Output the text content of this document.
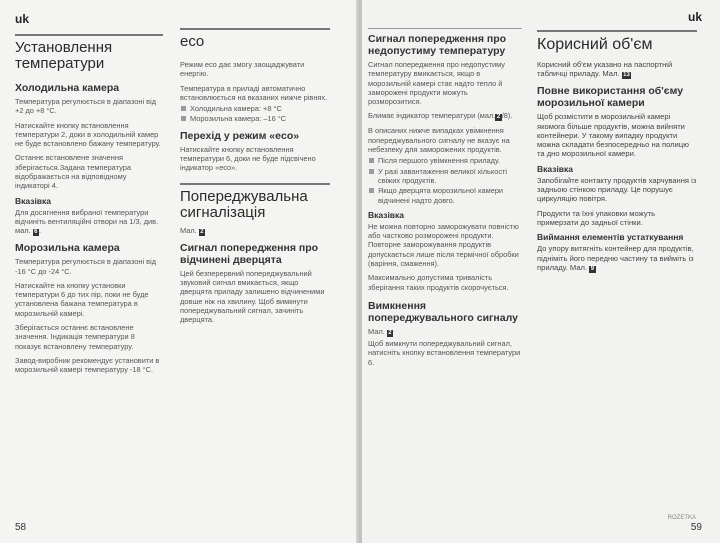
uk
Установлення температури
Холодильна камера

Температура регулюється в діапазоні від +2 до +8 °С.

Натискайте кнопку встановлення температури 2, доки в холодильній камер не буде встановлено бажану температуру.

Останнє встановлене значення зберігається.Задана температура відображається на відповідному індикаторі 4.

Вказівка

Для досягнення вибраної температури відчиніть вентиляційні отвори на 1/3, див. мал. 6 .

Морозильна камера

Температура регулюється в діапазоні від -16 °С до -24 °С.

Натискайте на кнопку установки температури 6 до тих пір, поки не буде установлена бажана температура в морозильній камері.

Зберігається останнє встановлене значення. Індикація температури 8 показує встановлену температуру.

Завод-виробник рекомендує установити в морозильній камері температуру -18 °С.

eco

Режим eco дає змогу заощаджувати енергію.

Температура в приладі автоматично встановлюється на вказаних нижче рівнях.

Холодильна камера: +8 °C
Морозильна камера: –16 °C
Перехід у режим «eco»

Натискайте кнопку встановлення температури 6, доки не буде підсвічено індикатор «eco».

Попереджувальна сигналізація

Мал. 2

Сигнал попередження про відчинені дверцята

Цей безперервний попереджувальний звуковий сигнал вмикається, якщо дверцята приладу залишено відчиненими довше ніж на хвилину. Щоб вимкнути попереджувальний сигнал, зачиніть дверцята.

58
uk
Сигнал попередження про недопустиму температуру

Сигнал попередження про недопустиму температуру вмикається, якщо в морозильній камері стає надто тепло й заморожені продукти можуть розморозитися.

Блимає індикатор температури (мал. 2 /8).

В описаних нижче випадках увімкнення попереджувального сигналу не вказує на небезпеку для заморожених продуктів.

Після першого увімкнення приладу.
У разі завантаження великої кількості свіжих продуктів.
Якщо дверцята морозильної камери відчинені надто довго.
Вказівка

Не можна повторно заморожувати повністю або частково розморожені продукти. Повторне заморожування продуктів допускається лише після термічної обробки (варіння, смаження).

Максимально допустима тривалість зберігання таких продуктів скорочується.

Вимкнення попереджувального сигналу

Мал. 2

Щоб вимкнути попереджувальний сигнал, натисніть кнопку встановлення температури 6.

Корисний об'єм

Корисний об'єм указано на паспортній табличці приладу. Мал. 13

Повне використання об'єму морозильної камери

Щоб розмістити в морозильній камері якомога більше продуктів, можна вийняти контейнери. У такому випадку продукти можна складати безпосередньо на полицю та дно морозильної камери.

Вказівка

Запобігайте контакту продуктів харчування із задньою стінкою приладу. Це порушує циркуляцію повітря.

Продукти та їхні упаковки можуть примерзати до задньої стінки.

Виймання елементів устаткування

До упору витягніть контейнер для продуктів, підніміть його передню частину та вийміть із приладу. Мал. 9

ROZETKA
59
